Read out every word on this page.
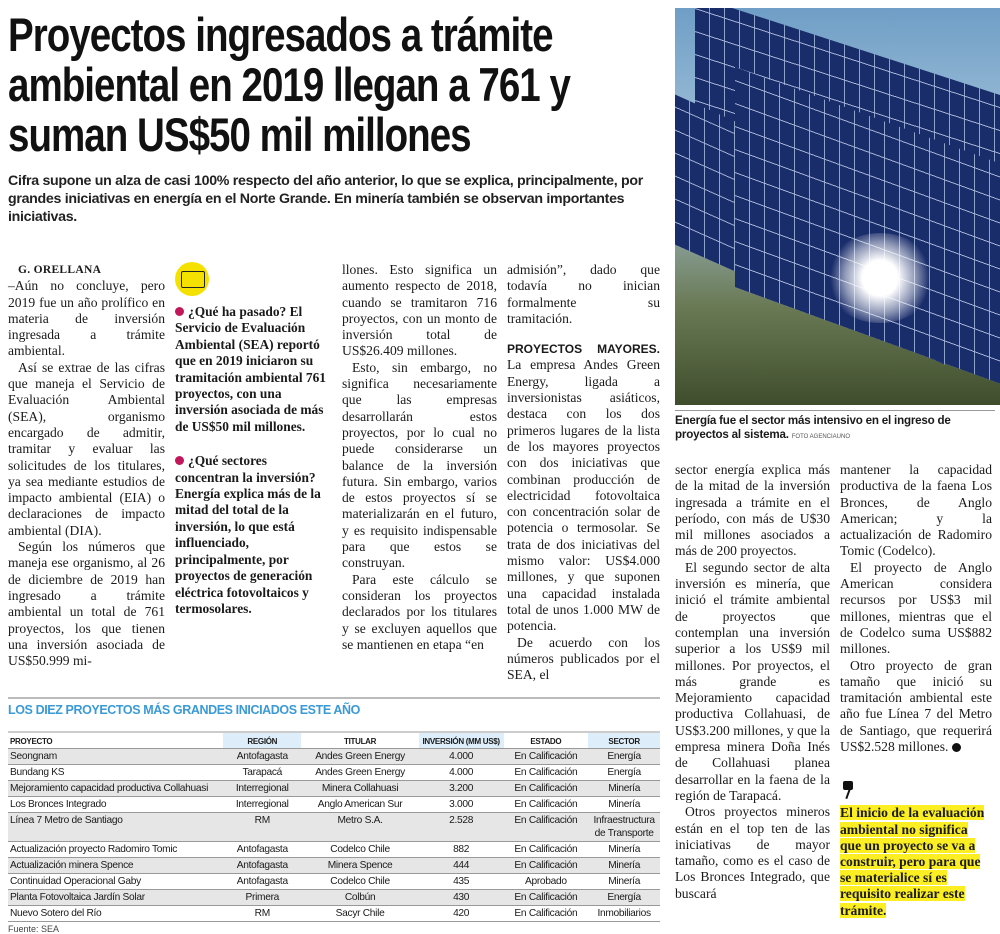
Proyectos ingresados a trámite ambiental en 2019 llegan a 761 y suman US$50 mil millones

Cifra supone un alza de casi 100% respecto del año anterior, lo que se explica, principalmente, por grandes iniciativas en energía en el Norte Grande. En minería también se observan importantes iniciativas.

G. ORELLANA

–Aún no concluye, pero 2019 fue un año prolífico en materia de inversión ingresada a trámite ambiental.

Así se extrae de las cifras que maneja el Servicio de Evaluación Ambiental (SEA), organismo encargado de admitir, tramitar y evaluar las solicitudes de los titulares, ya sea mediante estudios de impacto ambiental (EIA) o declaraciones de impacto ambiental (DIA).

Según los números que maneja ese organismo, al 26 de diciembre de 2019 han ingresado a trámite ambiental un total de 761 proyectos, los que tienen una inversión asociada de US$50.999 mi-

¿Qué ha pasado? El Servicio de Evaluación Ambiental (SEA) reportó que en 2019 iniciaron su tramitación ambiental 761 proyectos, con una inversión asociada de más de US$50 mil millones.
¿Qué sectores concentran la inversión? Energía explica más de la mitad del total de la inversión, lo que está influenciado, principalmente, por proyectos de generación eléctrica fotovoltaicos y termosolares.

llones. Esto significa un aumento respecto de 2018, cuando se tramitaron 716 proyectos, con un monto de inversión total de US$26.409 millones.

Esto, sin embargo, no significa necesariamente que las empresas desarrollarán estos proyectos, por lo cual no puede considerarse un balance de la inversión futura. Sin embargo, varios de estos proyectos sí se materializarán en el futuro, y es requisito indispensable para que estos se construyan.

Para este cálculo se consideran los proyectos declarados por los titulares y se excluyen aquellos que se mantienen en etapa “en

admisión”, dado que todavía no inician formalmente su tramitación.

PROYECTOS MAYORES. La empresa Andes Green Energy, ligada a inversionistas asiáticos, destaca con los dos primeros lugares de la lista de los mayores proyectos con dos iniciativas que combinan producción de electricidad fotovoltaica con concentración solar de potencia o termosolar. Se trata de dos iniciativas del mismo valor: US$4.000 millones, y que suponen una capacidad instalada total de unos 1.000 MW de potencia.

De acuerdo con los números publicados por el SEA, el

LOS DIEZ PROYECTOS MÁS GRANDES INICIADOS ESTE AÑO
PROYECTO	REGIÓN	TITULAR	INVERSIÓN (MM US$)	ESTADO	SECTOR
Seongnam	Antofagasta	Andes Green Energy	4.000	En Calificación	Energía
Bundang KS	Tarapacá	Andes Green Energy	4.000	En Calificación	Energía
Mejoramiento capacidad productiva Collahuasi	Interregional	Minera Collahuasi	3.200	En Calificación	Minería
Los Bronces Integrado	Interregional	Anglo American Sur	3.000	En Calificación	Minería
Línea 7 Metro de Santiago	RM	Metro S.A.	2.528	En Calificación	Infraestructura de Transporte
Actualización proyecto Radomiro Tomic	Antofagasta	Codelco Chile	882	En Calificación	Minería
Actualización minera Spence	Antofagasta	Minera Spence	444	En Calificación	Minería
Continuidad Operacional Gaby	Antofagasta	Codelco Chile	435	Aprobado	Minería
Planta Fotovoltaica Jardín Solar	Primera	Colbún	430	En Calificación	Energía
Nuevo Sotero del Río	RM	Sacyr Chile	420	En Calificación	Inmobiliarios
Fuente: SEA
Energía fue el sector más intensivo en el ingreso de proyectos al sistema. FOTO AGENCIAUNO

sector energía explica más de la mitad de la inversión ingresada a trámite en el período, con más de U$30 mil millones asociados a más de 200 proyectos.

El segundo sector de alta inversión es minería, que inició el trámite ambiental de proyectos que contemplan una inversión superior a los US$9 mil millones. Por proyectos, el más grande es Mejoramiento capacidad productiva Collahuasi, de US$3.200 millones, y que la empresa minera Doña Inés de Collahuasi planea desarrollar en la faena de la región de Tarapacá.

Otros proyectos mineros están en el top ten de las iniciativas de mayor tamaño, como es el caso de Los Bronces Integrado, que buscará

mantener la capacidad productiva de la faena Los Bronces, de Anglo American; y la actualización de Radomiro Tomic (Codelco).

El proyecto de Anglo American considera recursos por US$3 mil millones, mientras que el de Codelco suma US$882 millones.

Otro proyecto de gran tamaño que inició su tramitación ambiental este año fue Línea 7 del Metro de Santiago, que requerirá US$2.528 millones.

El inicio de la evaluación ambiental no significa que un proyecto se va a construir, pero para que se materialice sí es requisito realizar este trámite.
